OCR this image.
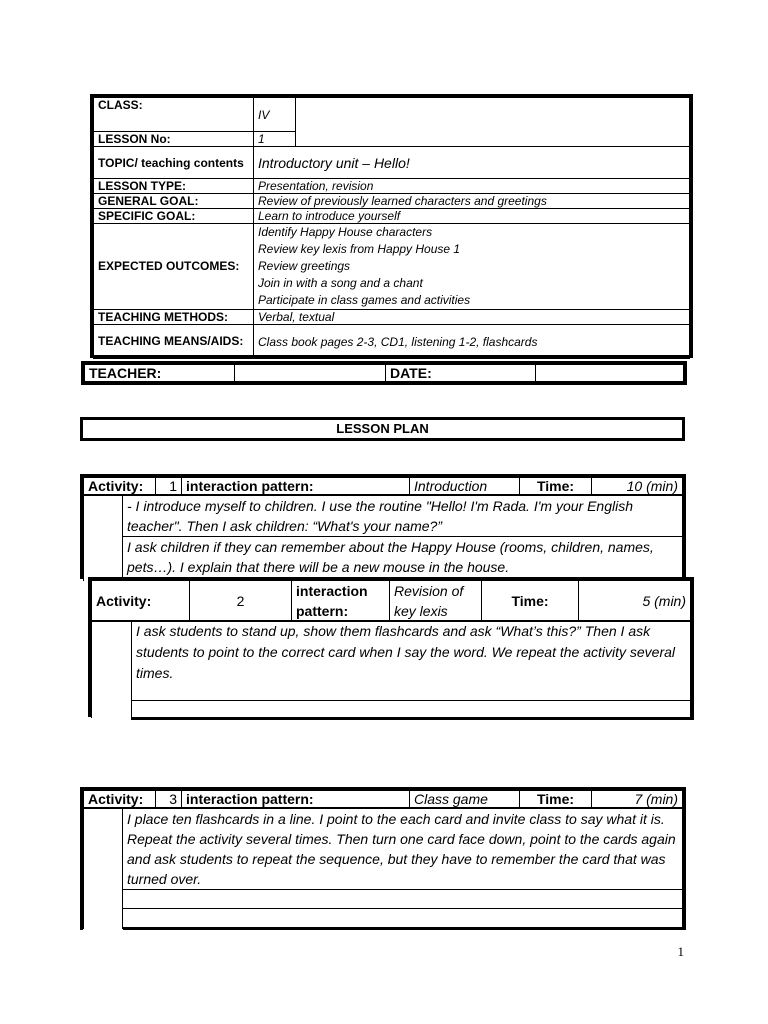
CLASS:	IV	
LESSON No:	1	
TOPIC/ teaching contents	Introductory unit – Hello!	
LESSON TYPE:	Presentation, revision	
GENERAL GOAL:	Review of previously learned characters and greetings	
SPECIFIC GOAL:	Learn to introduce yourself	
EXPECTED OUTCOMES:	Identify Happy House characters
Review key lexis from Happy House 1
Review greetings
Join in with a song and a chant
Participate in class games and activities	

TEACHING METHODS:	Verbal, textual	
TEACHING MEANS/AIDS:	Class book pages 2-3, CD1, listening 1-2, flashcards	
TEACHER:		DATE:	
LESSON PLAN
Activity:	1	interaction pattern:	Introduction	Time:	10 (min)
	- I introduce myself to children. I use the routine "Hello! I'm Rada. I'm your English teacher". Then I ask children: “What's your name?”
I ask children if they can remember about the Happy House (rooms, children, names, pets…). I explain that there will be a new mouse in the house.
Activity:	2	interaction pattern:	Revision of key lexis	Time:	5 (min)
	I ask students to stand up, show them flashcards and ask “What’s this?” Then I ask students to point to the correct card when I say the word. We repeat the activity several times.

Activity:	3	interaction pattern:	Class game	Time:	7 (min)
	I place ten flashcards in a line. I point to the each card and invite class to say what it is. Repeat the activity several times. Then turn one card face down, point to the cards again and ask students to repeat the sequence, but they have to remember the card that was turned over.

1
